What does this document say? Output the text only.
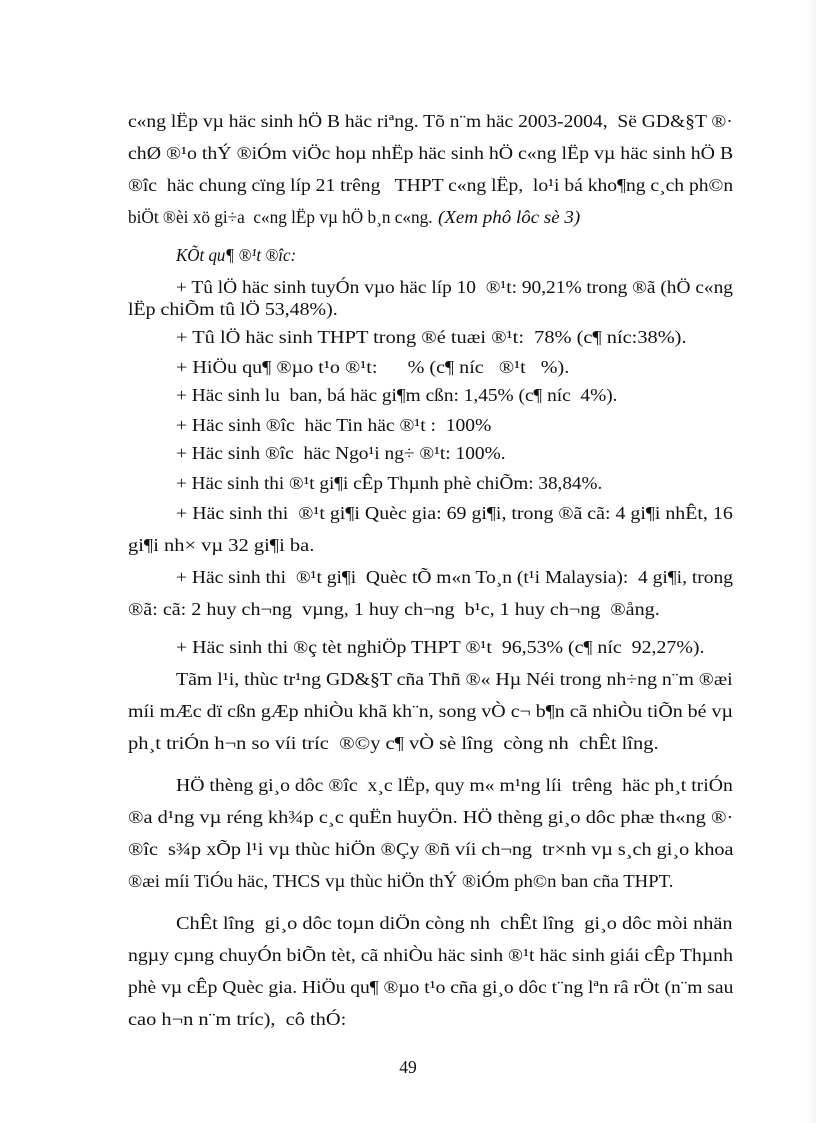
c«ng lËp vµ häc sinh hÖ B häc riªng. Tõ n¨m häc 2003-2004,  Së GD&§T ®·
chØ ®¹o thÝ ®iÓm viÖc hoµ nhËp häc sinh hÖ c«ng lËp vµ häc sinh hÖ B
®îc  häc chung cïng líp 21 trêng   THPT c«ng lËp,  lo¹i bá kho¶ng c¸ch ph©n
biÖt ®èi xö gi÷a  c«ng lËp vµ hÖ b¸n c«ng. (Xem phô lôc sè 3)
KÕt qu¶ ®¹t ®îc:
+ Tû lÖ häc sinh tuyÓn vµo häc líp 10  ®¹t: 90,21% trong ®ã (hÖ c«ng
lËp chiÕm tû lÖ 53,48%).
+ Tû lÖ häc sinh THPT trong ®é tuæi ®¹t:  78% (c¶ níc:38%).
+ HiÖu qu¶ ®µo t¹o ®¹t:      % (c¶ níc   ®¹t   %).
+ Häc sinh lu  ban, bá häc gi¶m cßn: 1,45% (c¶ níc  4%).
+ Häc sinh ®îc  häc Tin häc ®¹t :  100%
+ Häc sinh ®îc  häc Ngo¹i ng÷ ®¹t: 100%.
+ Häc sinh thi ®¹t gi¶i cÊp Thµnh phè chiÕm: 38,84%.
+ Häc sinh thi  ®¹t gi¶i Quèc gia: 69 gi¶i, trong ®ã cã: 4 gi¶i nhÊt, 16
gi¶i nh× vµ 32 gi¶i ba.
+ Häc sinh thi  ®¹t gi¶i  Quèc tÕ m«n To¸n (t¹i Malaysia):  4 gi¶i, trong
®ã: cã: 2 huy ch¬ng  vµng, 1 huy ch¬ng  b¹c, 1 huy ch¬ng  ®ång.
+ Häc sinh thi ®ç tèt nghiÖp THPT ®¹t  96,53% (c¶ níc  92,27%).
Tãm l¹i, thùc tr¹ng GD&§T cña Thñ ®« Hµ Néi trong nh÷ng n¨m ®æi
míi mÆc dï cßn gÆp nhiÒu khã kh¨n, song vÒ c¬ b¶n cã nhiÒu tiÕn bé vµ
ph¸t triÓn h¬n so víi tríc  ®©y c¶ vÒ sè lîng  còng nh  chÊt lîng.
HÖ thèng gi¸o dôc ®îc  x¸c lËp, quy m« m¹ng líi  trêng  häc ph¸t triÓn
®a d¹ng vµ réng kh¾p c¸c quËn huyÖn. HÖ thèng gi¸o dôc phæ th«ng ®·
®îc  s¾p xÕp l¹i vµ thùc hiÖn ®Çy ®ñ víi ch¬ng  tr×nh vµ s¸ch gi¸o khoa
®æi míi TiÓu häc, THCS vµ thùc hiÖn thÝ ®iÓm ph©n ban cña THPT.
ChÊt lîng  gi¸o dôc toµn diÖn còng nh  chÊt lîng  gi¸o dôc mòi nhän
ngµy cµng chuyÓn biÕn tèt, cã nhiÒu häc sinh ®¹t häc sinh giái cÊp Thµnh
phè vµ cÊp Quèc gia. HiÖu qu¶ ®µo t¹o cña gi¸o dôc t¨ng lªn râ rÖt (n¨m sau
cao h¬n n¨m tríc),  cô thÓ:
49
